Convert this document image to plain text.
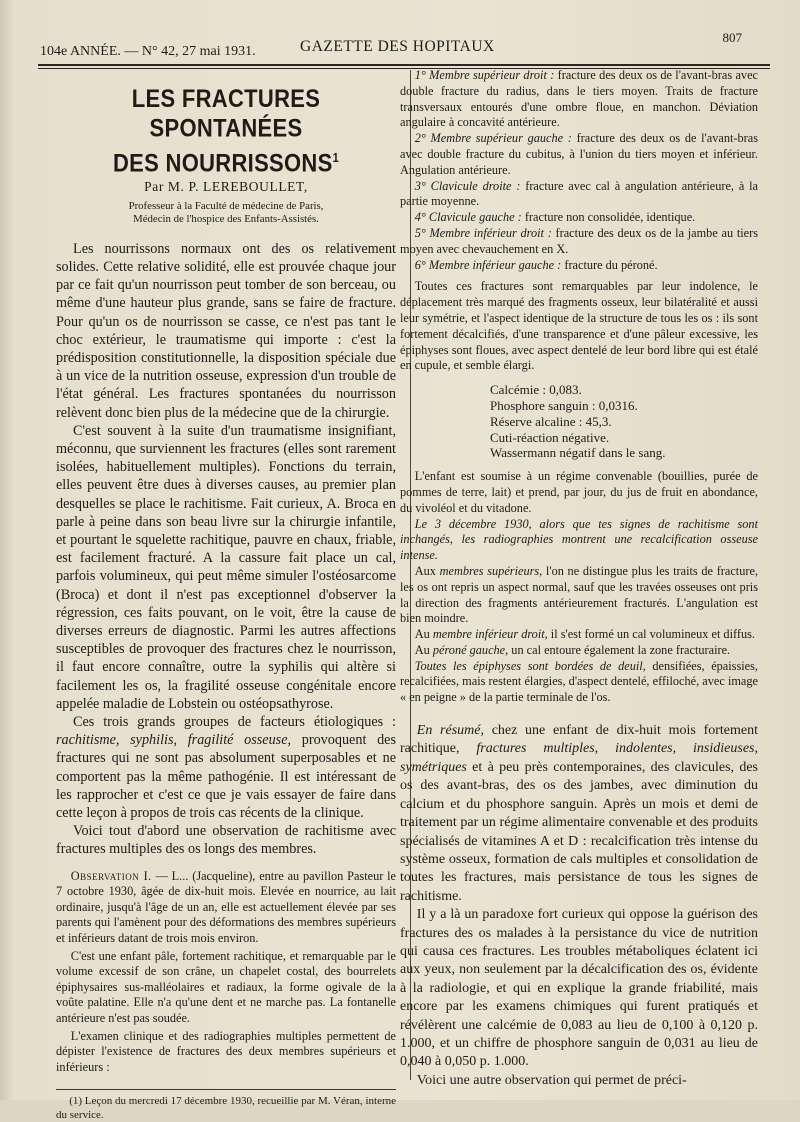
104e ANNÉE. — N° 42, 27 mai 1931.	GAZETTE DES HOPITAUX
807
LES FRACTURES SPONTANÉES
DES NOURRISSONS$^1$
Par M. P. LEREBOULLET,
Professeur à la Faculté de médecine de Paris,
Médecin de l'hospice des Enfants-Assistés.

Les nourrissons normaux ont des os relativement solides. Cette relative solidité, elle est prouvée chaque jour par ce fait qu'un nourrisson peut tomber de son berceau, ou même d'une hauteur plus grande, sans se faire de fracture. Pour qu'un os de nourrisson se casse, ce n'est pas tant le choc extérieur, le traumatisme qui importe : c'est la prédisposition constitutionnelle, la disposition spéciale due à un vice de la nutrition osseuse, expression d'un trouble de l'état général. Les fractures spontanées du nourrisson relèvent donc bien plus de la médecine que de la chirurgie.

C'est souvent à la suite d'un traumatisme insignifiant, méconnu, que surviennent les fractures (elles sont rarement isolées, habituellement multiples). Fonctions du terrain, elles peuvent être dues à diverses causes, au premier plan desquelles se place le rachitisme. Fait curieux, A. Broca en parle à peine dans son beau livre sur la chirurgie infantile, et pourtant le squelette rachitique, pauvre en chaux, friable, est facilement fracturé. A la cassure fait place un cal, parfois volumineux, qui peut même simuler l'ostéosarcome (Broca) et dont il n'est pas exceptionnel d'observer la régression, ces faits pouvant, on le voit, être la cause de diverses erreurs de diagnostic. Parmi les autres affections susceptibles de provoquer des fractures chez le nourrisson, il faut encore connaître, outre la syphilis qui altère si facilement les os, la fragilité osseuse congénitale encore appelée maladie de Lobstein ou ostéopsathyrose.

Ces trois grands groupes de facteurs étiologiques : rachitisme, syphilis, fragilité osseuse, provoquent des fractures qui ne sont pas absolument superposables et ne comportent pas la même pathogénie. Il est intéressant de les rapprocher et c'est ce que je vais essayer de faire dans cette leçon à propos de trois cas récents de la clinique.

Voici tout d'abord une observation de rachitisme avec fractures multiples des os longs des membres.

Observation I. — L... (Jacqueline), entre au pavillon Pasteur le 7 octobre 1930, âgée de dix-huit mois. Elevée en nourrice, au lait ordinaire, jusqu'à l'âge de un an, elle est actuellement élevée par ses parents qui l'amènent pour des déformations des membres supérieurs et inférieurs datant de trois mois environ.

C'est une enfant pâle, fortement rachitique, et remarquable par le volume excessif de son crâne, un chapelet costal, des bourrelets épiphysaires sus-malléolaires et radiaux, la forme ogivale de la voûte palatine. Elle n'a qu'une dent et ne marche pas. La fontanelle antérieure n'est pas soudée.

L'examen clinique et des radiographies multiples permettent de dépister l'existence de fractures des deux membres supérieurs et inférieurs :

(1) Leçon du mercredi 17 décembre 1930, recueillie par M. Véran, interne du service.

1° Membre supérieur droit : fracture des deux os de l'avant-bras avec double fracture du radius, dans le tiers moyen. Traits de fracture transversaux entourés d'une ombre floue, en manchon. Déviation angulaire à concavité antérieure.

2° Membre supérieur gauche : fracture des deux os de l'avant-bras avec double fracture du cubitus, à l'union du tiers moyen et inférieur. Angulation antérieure.

3° Clavicule droite : fracture avec cal à angulation antérieure, à la partie moyenne.

4° Clavicule gauche : fracture non consolidée, identique.

5° Membre inférieur droit : fracture des deux os de la jambe au tiers moyen avec chevauchement en X.

6° Membre inférieur gauche : fracture du péroné.

Toutes ces fractures sont remarquables par leur indolence, le déplacement très marqué des fragments osseux, leur bilatéralité et aussi leur symétrie, et l'aspect identique de la structure de tous les os : ils sont fortement décalcifiés, d'une transparence et d'une pâleur excessive, les épiphyses sont floues, avec aspect dentelé de leur bord libre qui est étalé en cupule, et semble élargi.

Calcémie : 0,083.
Phosphore sanguin : 0,0316.
Réserve alcaline : 45,3.
Cuti-réaction négative.
Wassermann négatif dans le sang.

L'enfant est soumise à un régime convenable (bouillies, purée de pommes de terre, lait) et prend, par jour, du jus de fruit en abondance, du vivoléol et du vitadone.

Le 3 décembre 1930, alors que tes signes de rachitisme sont inchangés, les radiographies montrent une recalcification osseuse intense.

Aux membres supérieurs, l'on ne distingue plus les traits de fracture, les os ont repris un aspect normal, sauf que les travées osseuses ont pris la direction des fragments antérieurement fracturés. L'angulation est bien moindre.

Au membre inférieur droit, il s'est formé un cal volumineux et diffus.

Au péroné gauche, un cal entoure également la zone fracturaire.

Toutes les épiphyses sont bordées de deuil, densifiées, épaissies, recalcifiées, mais restent élargies, d'aspect dentelé, effiloché, avec image « en peigne » de la partie terminale de l'os.

En résumé, chez une enfant de dix-huit mois fortement rachitique, fractures multiples, indolentes, insidieuses, symétriques et à peu près contemporaines, des clavicules, des os des avant-bras, des os des jambes, avec diminution du calcium et du phosphore sanguin. Après un mois et demi de traitement par un régime alimentaire convenable et des produits spécialisés de vitamines A et D : recalcification très intense du système osseux, formation de cals multiples et consolidation de toutes les fractures, mais persistance de tous les signes de rachitisme.

Il y a là un paradoxe fort curieux qui oppose la guérison des fractures des os malades à la persistance du vice de nutrition qui causa ces fractures. Les troubles métaboliques éclatent ici aux yeux, non seulement par la décalcification des os, évidente à la radiologie, et qui en explique la grande friabilité, mais encore par les examens chimiques qui furent pratiqués et révélèrent une calcémie de 0,083 au lieu de 0,100 à 0,120 p. 1.000, et un chiffre de phosphore sanguin de 0,031 au lieu de 0,040 à 0,050 p. 1.000.

Voici une autre observation qui permet de préci-
